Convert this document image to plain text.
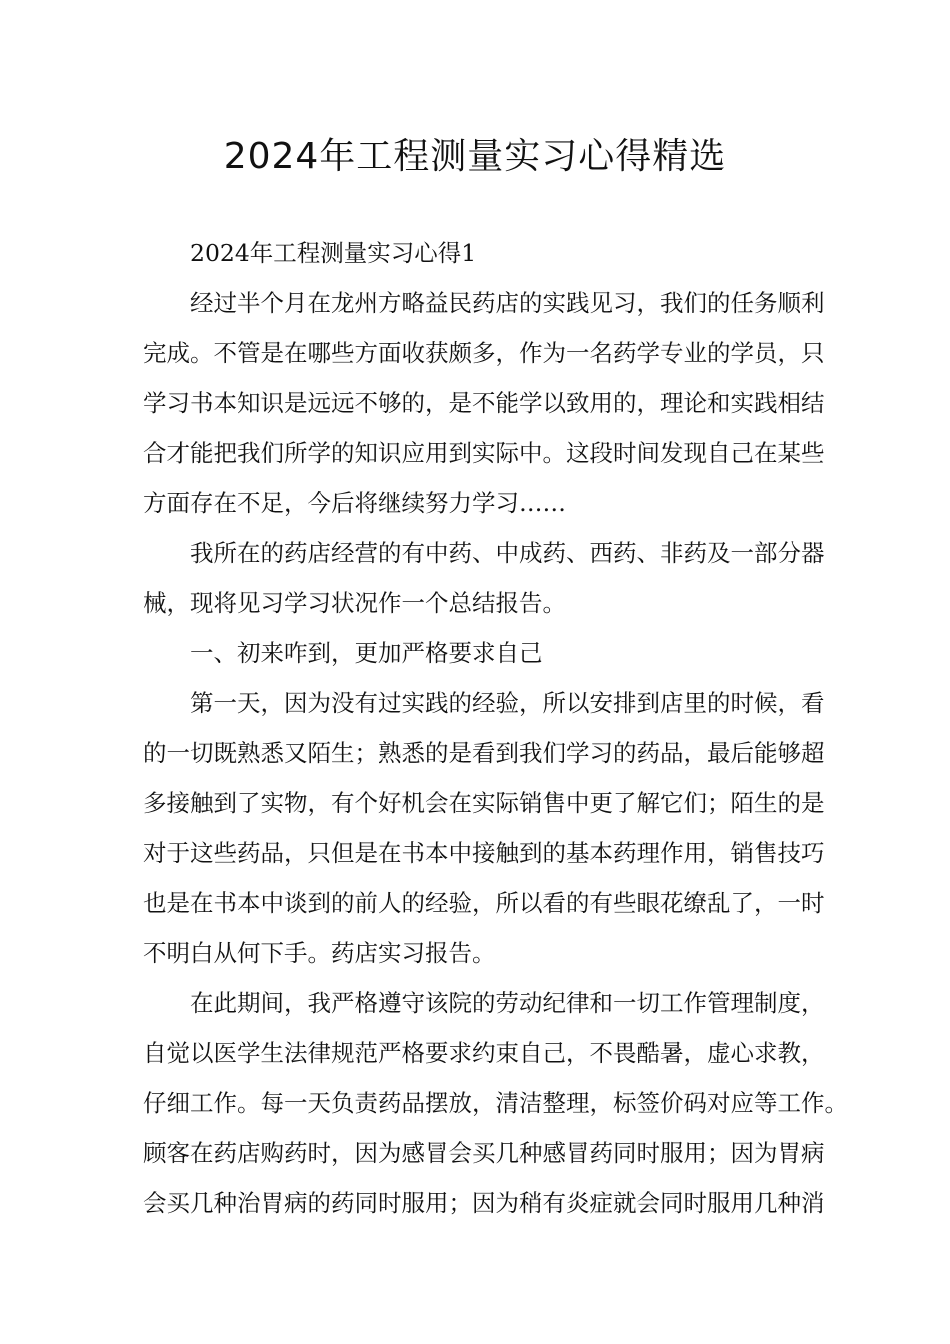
2024年工程测量实习心得精选
2024年工程测量实习心得1
经过半个月在龙州方略益民药店的实践见习，我们的任务顺利
完成。不管是在哪些方面收获颇多，作为一名药学专业的学员，只
学习书本知识是远远不够的，是不能学以致用的，理论和实践相结
合才能把我们所学的知识应用到实际中。这段时间发现自己在某些
方面存在不足，今后将继续努力学习……
我所在的药店经营的有中药、中成药、西药、非药及一部分器
械，现将见习学习状况作一个总结报告。
一、初来咋到，更加严格要求自己
第一天，因为没有过实践的经验，所以安排到店里的时候，看
的一切既熟悉又陌生；熟悉的是看到我们学习的药品，最后能够超
多接触到了实物，有个好机会在实际销售中更了解它们；陌生的是
对于这些药品，只但是在书本中接触到的基本药理作用，销售技巧
也是在书本中谈到的前人的经验，所以看的有些眼花缭乱了，一时
不明白从何下手。药店实习报告。
在此期间，我严格遵守该院的劳动纪律和一切工作管理制度，
自觉以医学生法律规范严格要求约束自己，不畏酷暑，虚心求教，
仔细工作。每一天负责药品摆放，清洁整理，标签价码对应等工作。
顾客在药店购药时，因为感冒会买几种感冒药同时服用；因为胃病
会买几种治胃病的药同时服用；因为稍有炎症就会同时服用几种消
